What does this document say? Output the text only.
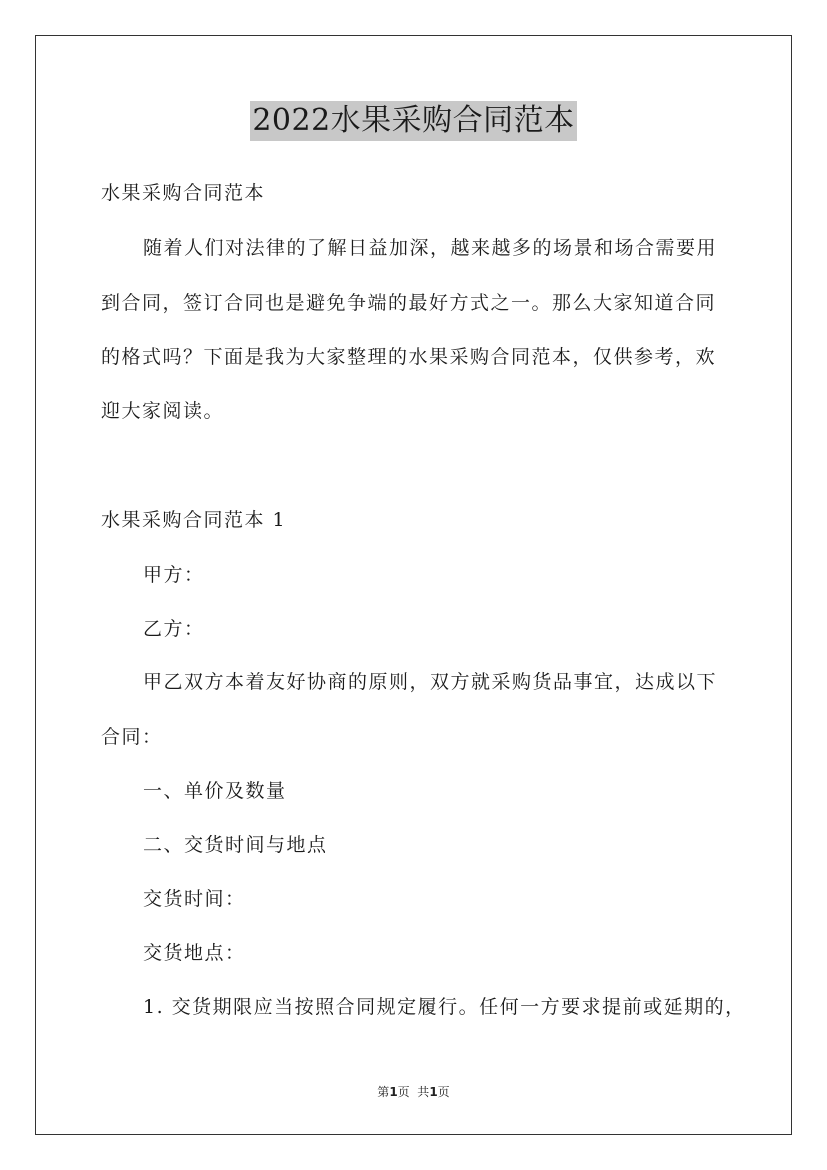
2022水果采购合同范本
水果采购合同范本
随着人们对法律的了解日益加深，越来越多的场景和场合需要用
到合同，签订合同也是避免争端的最好方式之一。那么大家知道合同
的格式吗？下面是我为大家整理的水果采购合同范本，仅供参考，欢
迎大家阅读。
水果采购合同范本 1
甲方：
乙方：
甲乙双方本着友好协商的原则，双方就采购货品事宜，达成以下
合同：
一、单价及数量
二、交货时间与地点
交货时间：
交货地点：
1. 交货期限应当按照合同规定履行。任何一方要求提前或延期的，
第1页  共1页
